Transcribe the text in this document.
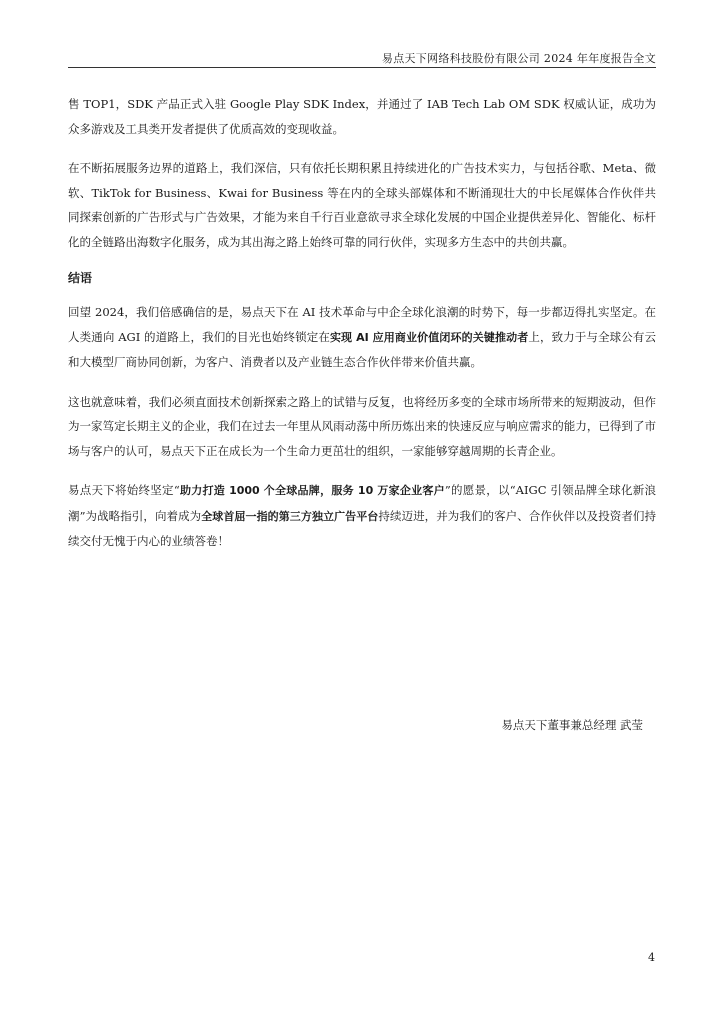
易点天下网络科技股份有限公司 2024 年年度报告全文

售 TOP1，SDK 产品正式入驻 Google Play SDK Index，并通过了 IAB Tech Lab OM SDK 权威认证，成功为众多游戏及工具类开发者提供了优质高效的变现收益。

在不断拓展服务边界的道路上，我们深信，只有依托长期积累且持续进化的广告技术实力，与包括谷歌、Meta、微软、TikTok for Business、Kwai for Business 等在内的全球头部媒体和不断涌现壮大的中长尾媒体合作伙伴共同探索创新的广告形式与广告效果，才能为来自千行百业意欲寻求全球化发展的中国企业提供差异化、智能化、标杆化的全链路出海数字化服务，成为其出海之路上始终可靠的同行伙伴，实现多方生态中的共创共赢。

结语

回望 2024，我们倍感确信的是，易点天下在 AI 技术革命与中企全球化浪潮的时势下，每一步都迈得扎实坚定。在人类通向 AGI 的道路上，我们的目光也始终锁定在实现 AI 应用商业价值闭环的关键推动者上，致力于与全球公有云和大模型厂商协同创新，为客户、消费者以及产业链生态合作伙伴带来价值共赢。

这也就意味着，我们必须直面技术创新探索之路上的试错与反复，也将经历多变的全球市场所带来的短期波动，但作为一家笃定长期主义的企业，我们在过去一年里从风雨动荡中所历炼出来的快速反应与响应需求的能力，已得到了市场与客户的认可，易点天下正在成长为一个生命力更茁壮的组织，一家能够穿越周期的长青企业。

易点天下将始终坚定“助力打造 1000 个全球品牌，服务 10 万家企业客户”的愿景，以“AIGC 引领品牌全球化新浪潮”为战略指引，向着成为全球首屈一指的第三方独立广告平台持续迈进，并为我们的客户、合作伙伴以及投资者们持续交付无愧于内心的业绩答卷！

易点天下董事兼总经理 武莹
4
